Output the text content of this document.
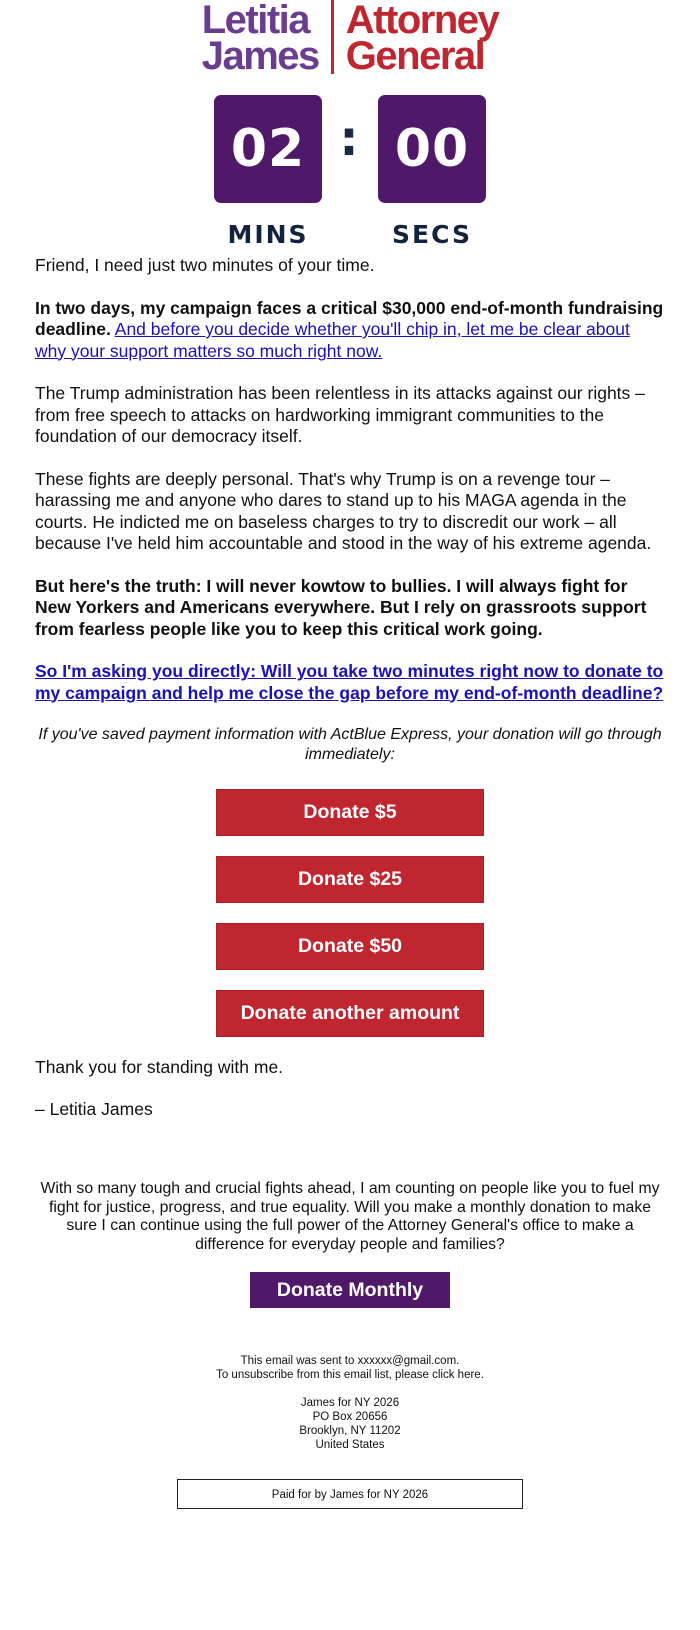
Letitia
James
Attorney
General
02 : 00
MINS	SECS

Friend, I need just two minutes of your time.

In two days, my campaign faces a critical $30,000 end-of-month fundraising deadline. And before you decide whether you'll chip in, let me be clear about why your support matters so much right now.

The Trump administration has been relentless in its attacks against our rights – from free speech to attacks on hardworking immigrant communities to the foundation of our democracy itself.

These fights are deeply personal. That's why Trump is on a revenge tour – harassing me and anyone who dares to stand up to his MAGA agenda in the courts. He indicted me on baseless charges to try to discredit our work – all because I've held him accountable and stood in the way of his extreme agenda.

But here's the truth: I will never kowtow to bullies. I will always fight for New Yorkers and Americans everywhere. But I rely on grassroots support from fearless people like you to keep this critical work going.

So I'm asking you directly: Will you take two minutes right now to donate to my campaign and help me close the gap before my end-of-month deadline?

If you've saved payment information with ActBlue Express, your donation will go through immediately:
Donate $5
Donate $25
Donate $50
Donate another amount

Thank you for standing with me.

– Letitia James

With so many tough and crucial fights ahead, I am counting on people like you to fuel my fight for justice, progress, and true equality. Will you make a monthly donation to make sure I can continue using the full power of the Attorney General's office to make a difference for everyday people and families?
Donate Monthly

This email was sent to xxxxxx@gmail.com.

To unsubscribe from this email list, please click here.

James for NY 2026

PO Box 20656

Brooklyn, NY 11202

United States

Paid for by James for NY 2026
